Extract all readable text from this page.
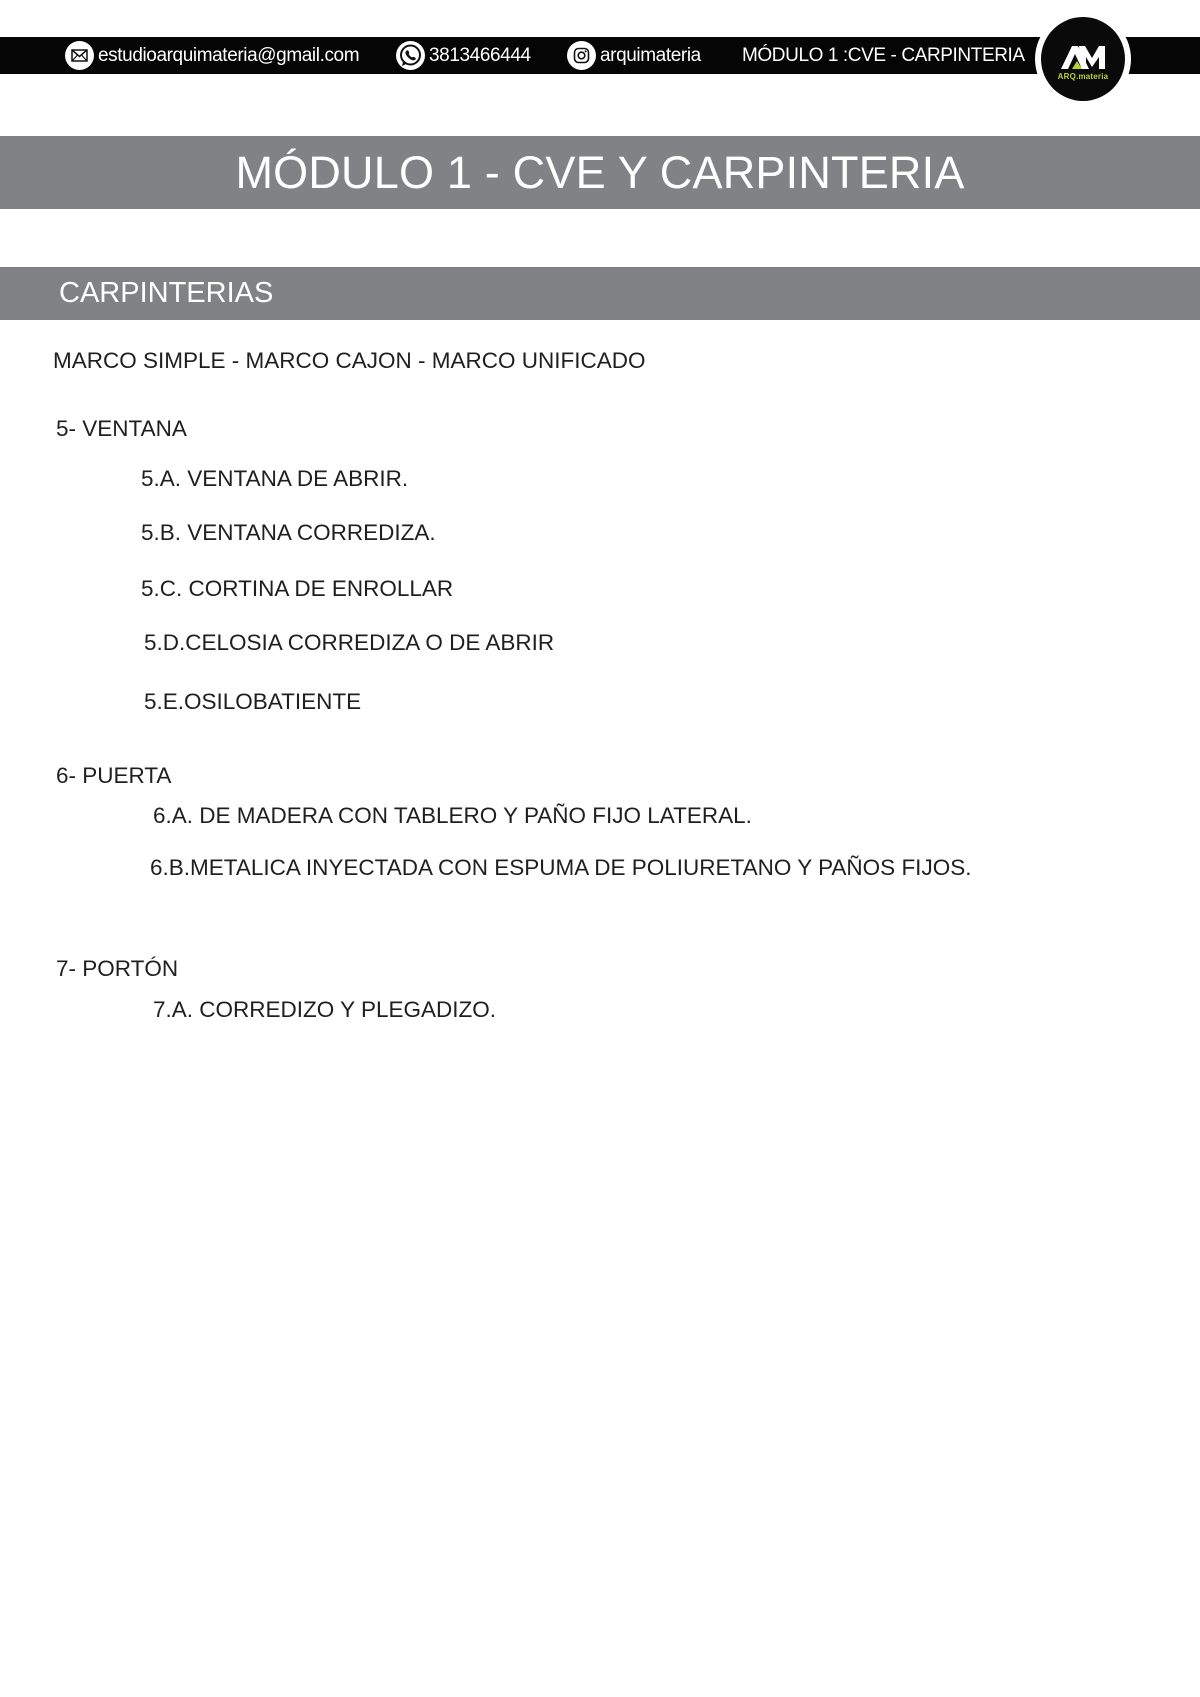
estudioarquimateria@gmail.com	3813466444	arquimateria MÓDULO 1 :CVE - CARPINTERIA
ARQ.materia
MÓDULO 1 - CVE Y CARPINTERIA
CARPINTERIAS

MARCO SIMPLE - MARCO CAJON - MARCO UNIFICADO

5- VENTANA

5.A. VENTANA DE ABRIR.

5.B. VENTANA CORREDIZA.

5.C. CORTINA DE ENROLLAR

5.D.CELOSIA CORREDIZA O DE ABRIR

5.E.OSILOBATIENTE

6- PUERTA

6.A. DE MADERA CON TABLERO Y PAÑO FIJO LATERAL.

6.B.METALICA INYECTADA CON ESPUMA DE POLIURETANO Y PAÑOS FIJOS.

7- PORTÓN

7.A. CORREDIZO Y PLEGADIZO.
